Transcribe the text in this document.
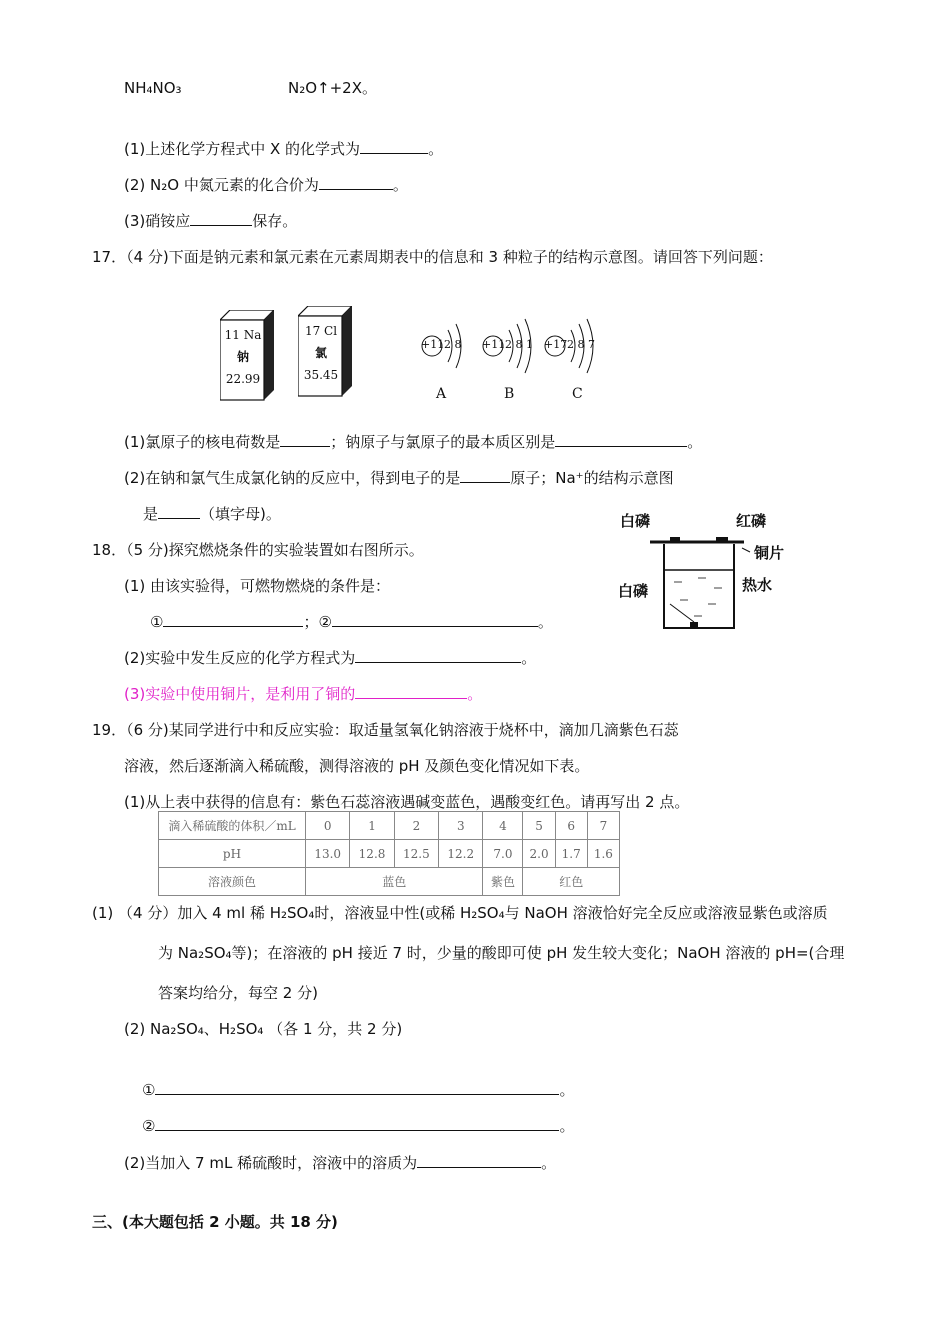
NH₄NO₃	N₂O↑+2X。
(1)上述化学方程式中 X 的化学式为	。
(2) N₂O 中氮元素的化合价为	。
(3)硝铵应	保存。
17．（4 分)下面是钠元素和氯元素在元素周期表中的信息和 3 种粒子的结构示意图。请回答下列问题：
11 Na
钠
22.99
17 Cl
氯
35.45
+11 2 8 +11 2 8 1 +17 2 8 7
A	B	C
(1)氯原子的核电荷数是	；钠原子与氯原子的最本质区别是	。
(2)在钠和氯气生成氯化钠的反应中，得到电子的是	原子；Na⁺的结构示意图
是	（填字母)。
18．（5 分)探究燃烧条件的实验装置如右图所示。
(1) 由该实验得，可燃物燃烧的条件是：
①	；②	。
(2)实验中发生反应的化学方程式为	。
(3)实验中使用铜片，是利用了铜的	。
白磷	红磷
铜片
白磷	热水
19．（6 分)某同学进行中和反应实验：取适量氢氧化钠溶液于烧杯中，滴加几滴紫色石蕊
溶液，然后逐渐滴入稀硫酸，测得溶液的 pH 及颜色变化情况如下表。
(1)从上表中获得的信息有：紫色石蕊溶液遇碱变蓝色，遇酸变红色。请再写出 2 点。
滴入稀硫酸的体积／mL	0	1	2	3	4	5	6	7
pH	13.0	12.8	12.5	12.2	7.0	2.0	1.7	1.6
溶液颜色	蓝色				紫色	红色		
(1) （4 分）加入 4 ml 稀 H₂SO₄时，溶液显中性(或稀 H₂SO₄与 NaOH 溶液恰好完全反应或溶液显紫色或溶质
为 Na₂SO₄等)；在溶液的 pH 接近 7 时，少量的酸即可使 pH 发生较大变化；NaOH 溶液的 pH=(合理
答案均给分，每空 2 分)
(2) Na₂SO₄、H₂SO₄ （各 1 分，共 2 分)
①	。
②	。
(2)当加入 7 mL 稀硫酸时，溶液中的溶质为	。
三、(本大题包括 2 小题。共 18 分)
